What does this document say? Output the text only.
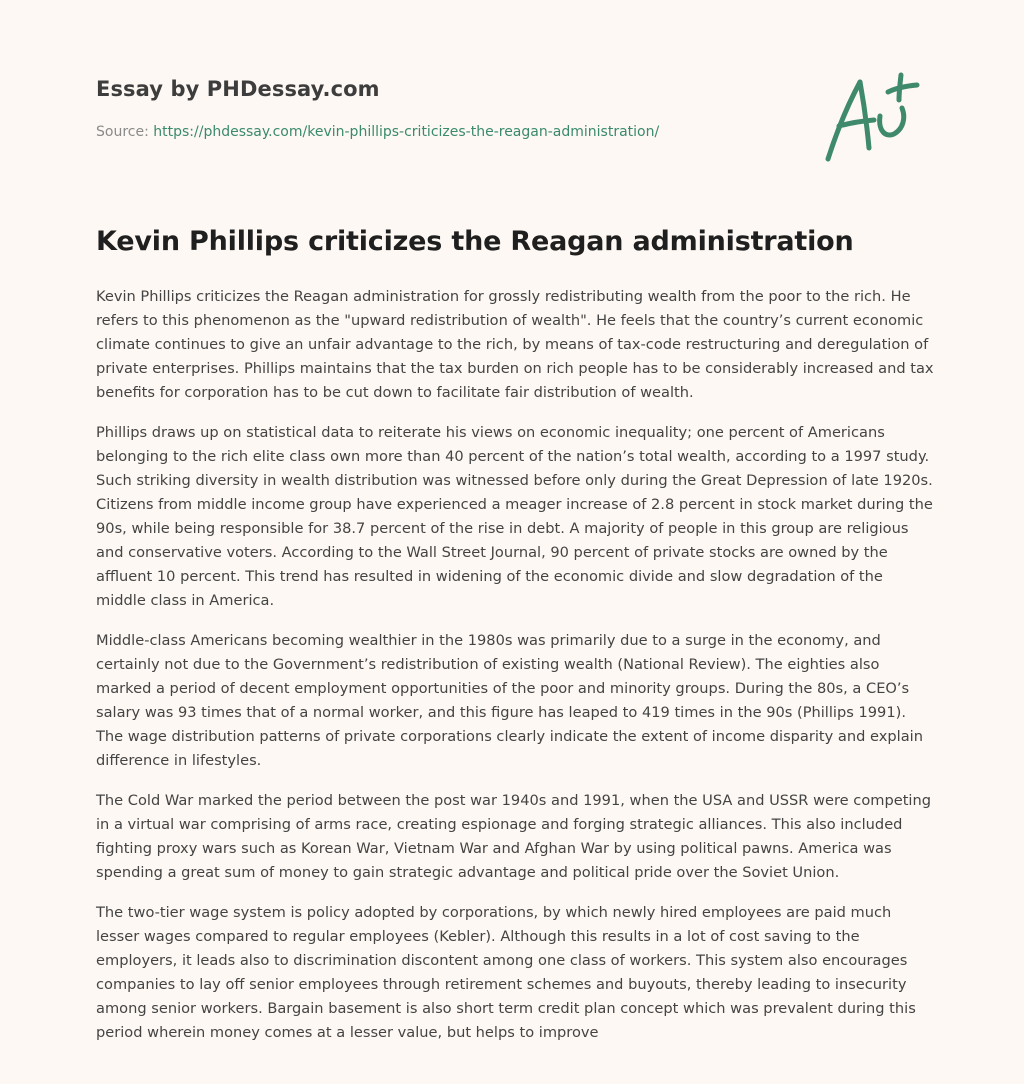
Essay by PHDessay.com
Source: https://phdessay.com/kevin-phillips-criticizes-the-reagan-administration/
Kevin Phillips criticizes the Reagan administration

Kevin Phillips criticizes the Reagan administration for grossly redistributing wealth from the poor to the rich. He refers to this phenomenon as the "upward redistribution of wealth". He feels that the country’s current economic climate continues to give an unfair advantage to the rich, by means of tax-code restructuring and deregulation of private enterprises. Phillips maintains that the tax burden on rich people has to be considerably increased and tax benefits for corporation has to be cut down to facilitate fair distribution of wealth.

Phillips draws up on statistical data to reiterate his views on economic inequality; one percent of Americans belonging to the rich elite class own more than 40 percent of the nation’s total wealth, according to a 1997 study. Such striking diversity in wealth distribution was witnessed before only during the Great Depression of late 1920s. Citizens from middle income group have experienced a meager increase of 2.8 percent in stock market during the 90s, while being responsible for 38.7 percent of the rise in debt. A majority of people in this group are religious and conservative voters. According to the Wall Street Journal, 90 percent of private stocks are owned by the affluent 10 percent. This trend has resulted in widening of the economic divide and slow degradation of the middle class in America.

Middle-class Americans becoming wealthier in the 1980s was primarily due to a surge in the economy, and certainly not due to the Government’s redistribution of existing wealth (National Review). The eighties also marked a period of decent employment opportunities of the poor and minority groups. During the 80s, a CEO’s salary was 93 times that of a normal worker, and this figure has leaped to 419 times in the 90s (Phillips 1991). The wage distribution patterns of private corporations clearly indicate the extent of income disparity and explain difference in lifestyles.

The Cold War marked the period between the post war 1940s and 1991, when the USA and USSR were competing in a virtual war comprising of arms race, creating espionage and forging strategic alliances. This also included fighting proxy wars such as Korean War, Vietnam War and Afghan War by using political pawns. America was spending a great sum of money to gain strategic advantage and political pride over the Soviet Union.

The two-tier wage system is policy adopted by corporations, by which newly hired employees are paid much lesser wages compared to regular employees (Kebler). Although this results in a lot of cost saving to the employers, it leads also to discrimination discontent among one class of workers. This system also encourages companies to lay off senior employees through retirement schemes and buyouts, thereby leading to insecurity among senior workers. Bargain basement is also short term credit plan concept which was prevalent during this period wherein money comes at a lesser value, but helps to improve
